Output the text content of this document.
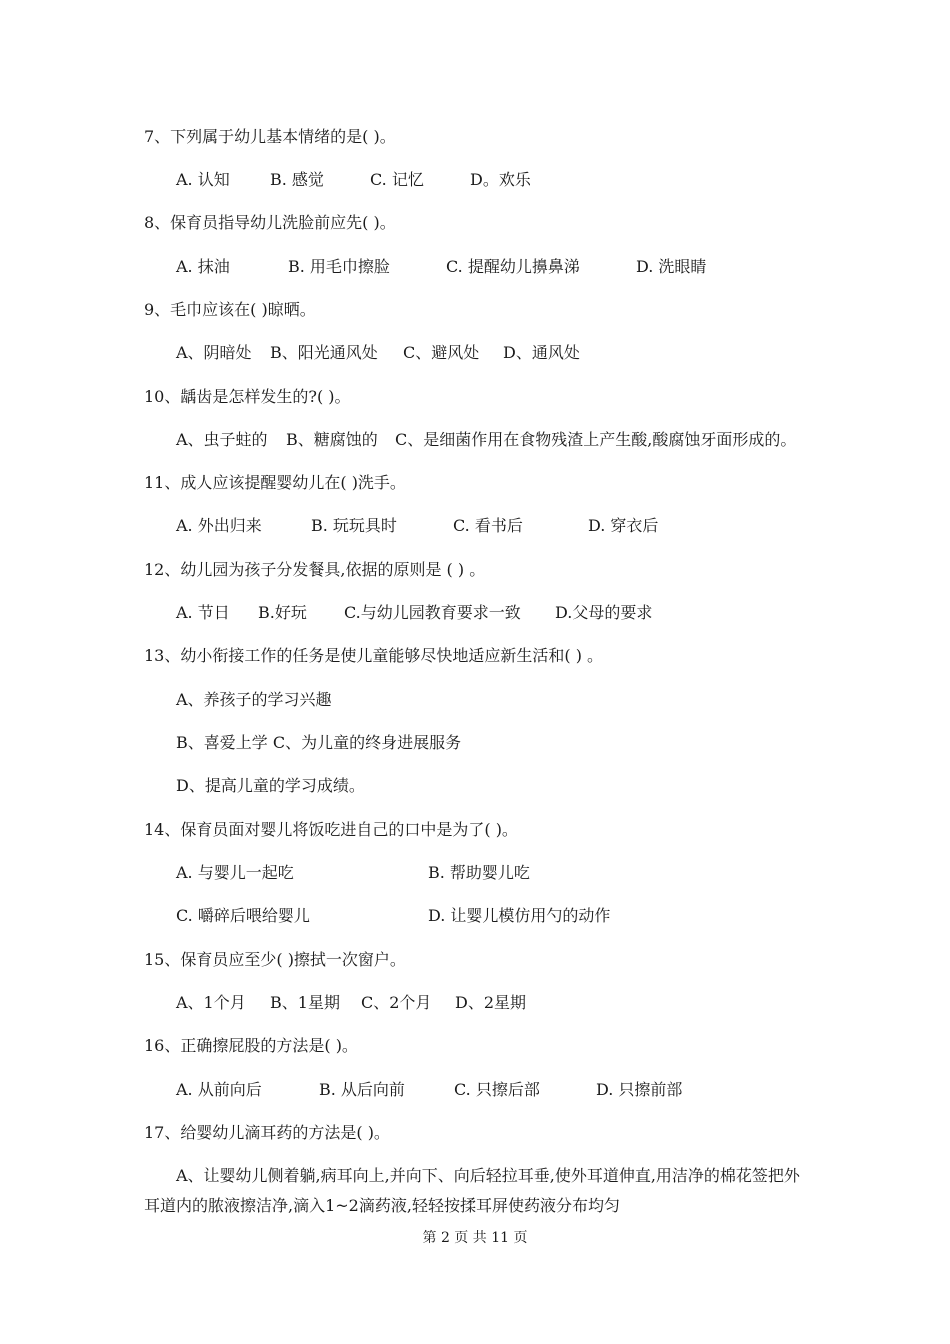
7、下列属于幼儿基本情绪的是( )。
A. 认知	B. 感觉	C. 记忆	D。欢乐
8、保育员指导幼儿洗脸前应先( )。
A. 抹油	B. 用毛巾擦脸	C. 提醒幼儿擤鼻涕	D. 洗眼睛
9、毛巾应该在( )晾晒。
A、阴暗处 B、阳光通风处 C、避风处 D、通风处
10、龋齿是怎样发生的?( )。
A、虫子蛀的 B、糖腐蚀的 C、是细菌作用在食物残渣上产生酸,酸腐蚀牙面形成的。
11、成人应该提醒婴幼儿在( )洗手。
A. 外出归来	B. 玩玩具时	C. 看书后	D. 穿衣后
12、幼儿园为孩子分发餐具,依据的原则是 ( ) 。
A. 节日 B.好玩 C.与幼儿园教育要求一致 D.父母的要求
13、幼小衔接工作的任务是使儿童能够尽快地适应新生活和( ) 。
A、养孩子的学习兴趣
B、喜爱上学 C、为儿童的终身进展服务
D、提高儿童的学习成绩。
14、保育员面对婴儿将饭吃进自己的口中是为了( )。
A. 与婴儿一起吃	B. 帮助婴儿吃
C. 嚼碎后喂给婴儿	D. 让婴儿模仿用勺的动作
15、保育员应至少( )擦拭一次窗户。
A、1个月 B、1星期 C、2个月 D、2星期
16、正确擦屁股的方法是( )。
A. 从前向后	B. 从后向前	C. 只擦后部	D. 只擦前部
17、给婴幼儿滴耳药的方法是( )。
A、让婴幼儿侧着躺,病耳向上,并向下、向后轻拉耳垂,使外耳道伸直,用洁净的棉花签把外耳道内的脓液擦洁净,滴入1~2滴药液,轻轻按揉耳屏使药液分布均匀
第 2 页 共 11 页
